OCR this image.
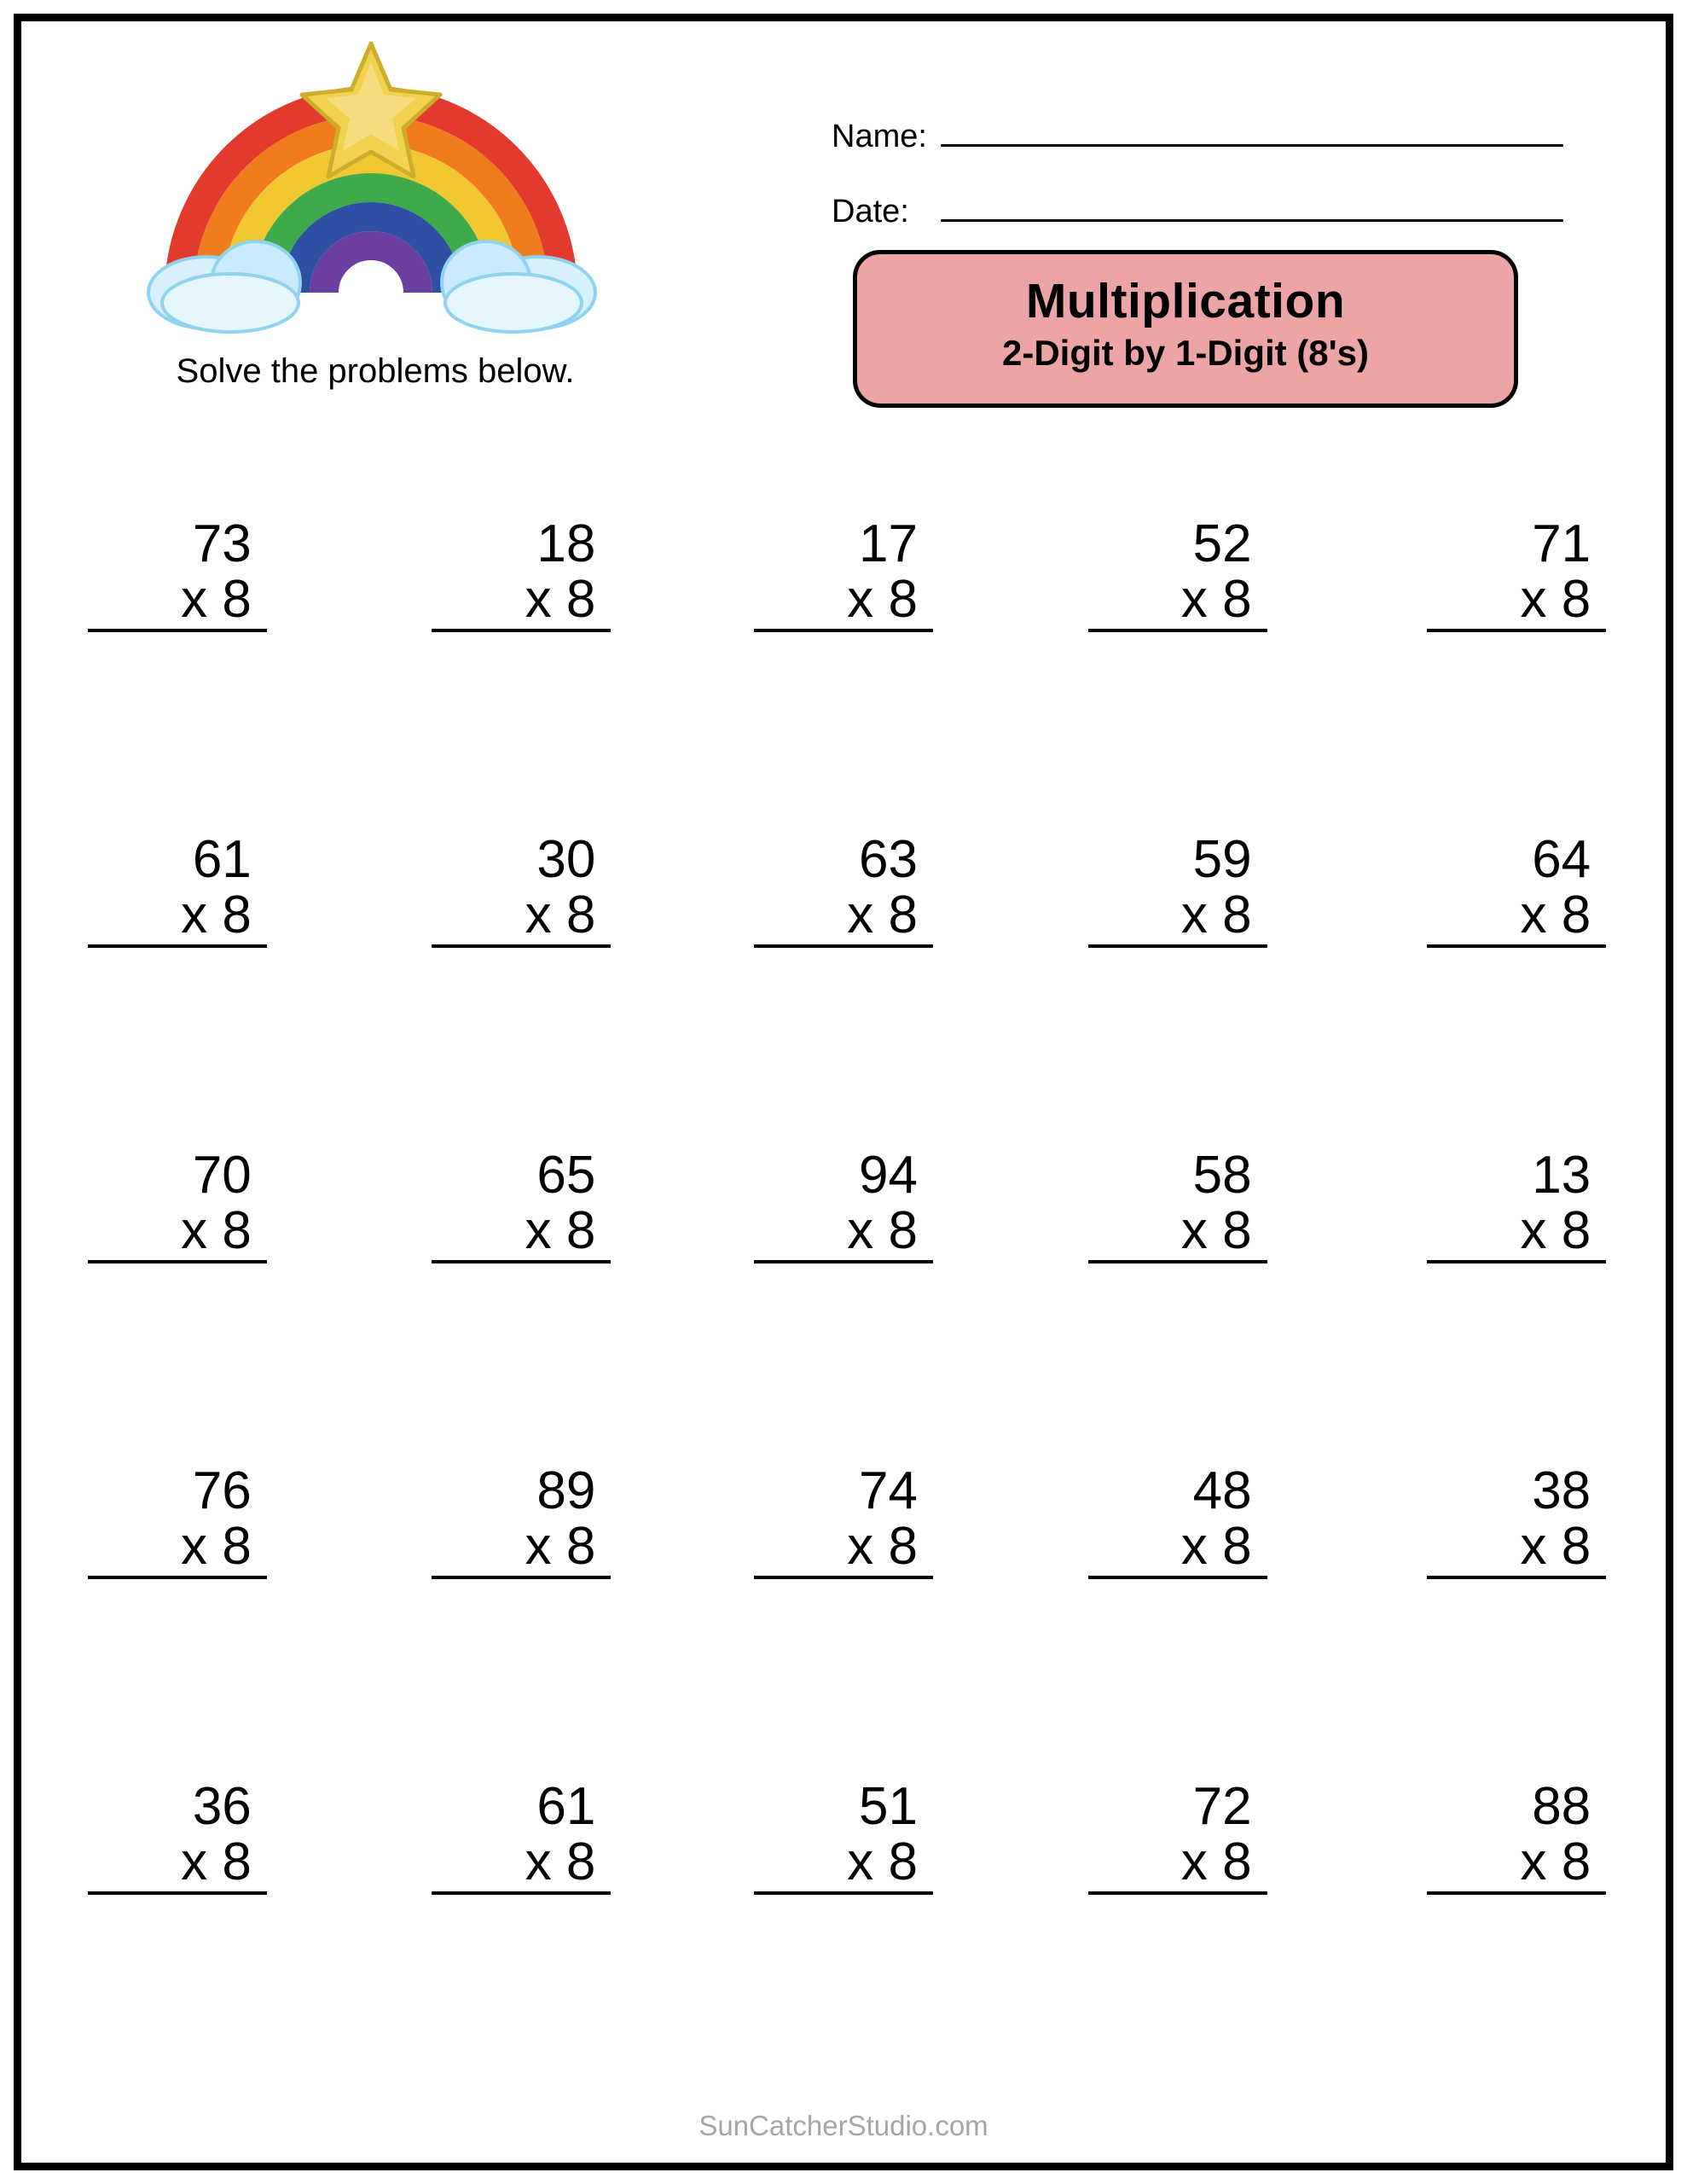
Solve the problems below.
Name:
Date:
Multiplication
2-Digit by 1-Digit (8's)
73
x 8
18
x 8
17
x 8
52
x 8
71
x 8
61
x 8
30
x 8
63
x 8
59
x 8
64
x 8
70
x 8
65
x 8
94
x 8
58
x 8
13
x 8
76
x 8
89
x 8
74
x 8
48
x 8
38
x 8
36
x 8
61
x 8
51
x 8
72
x 8
88
x 8
SunCatcherStudio.com
